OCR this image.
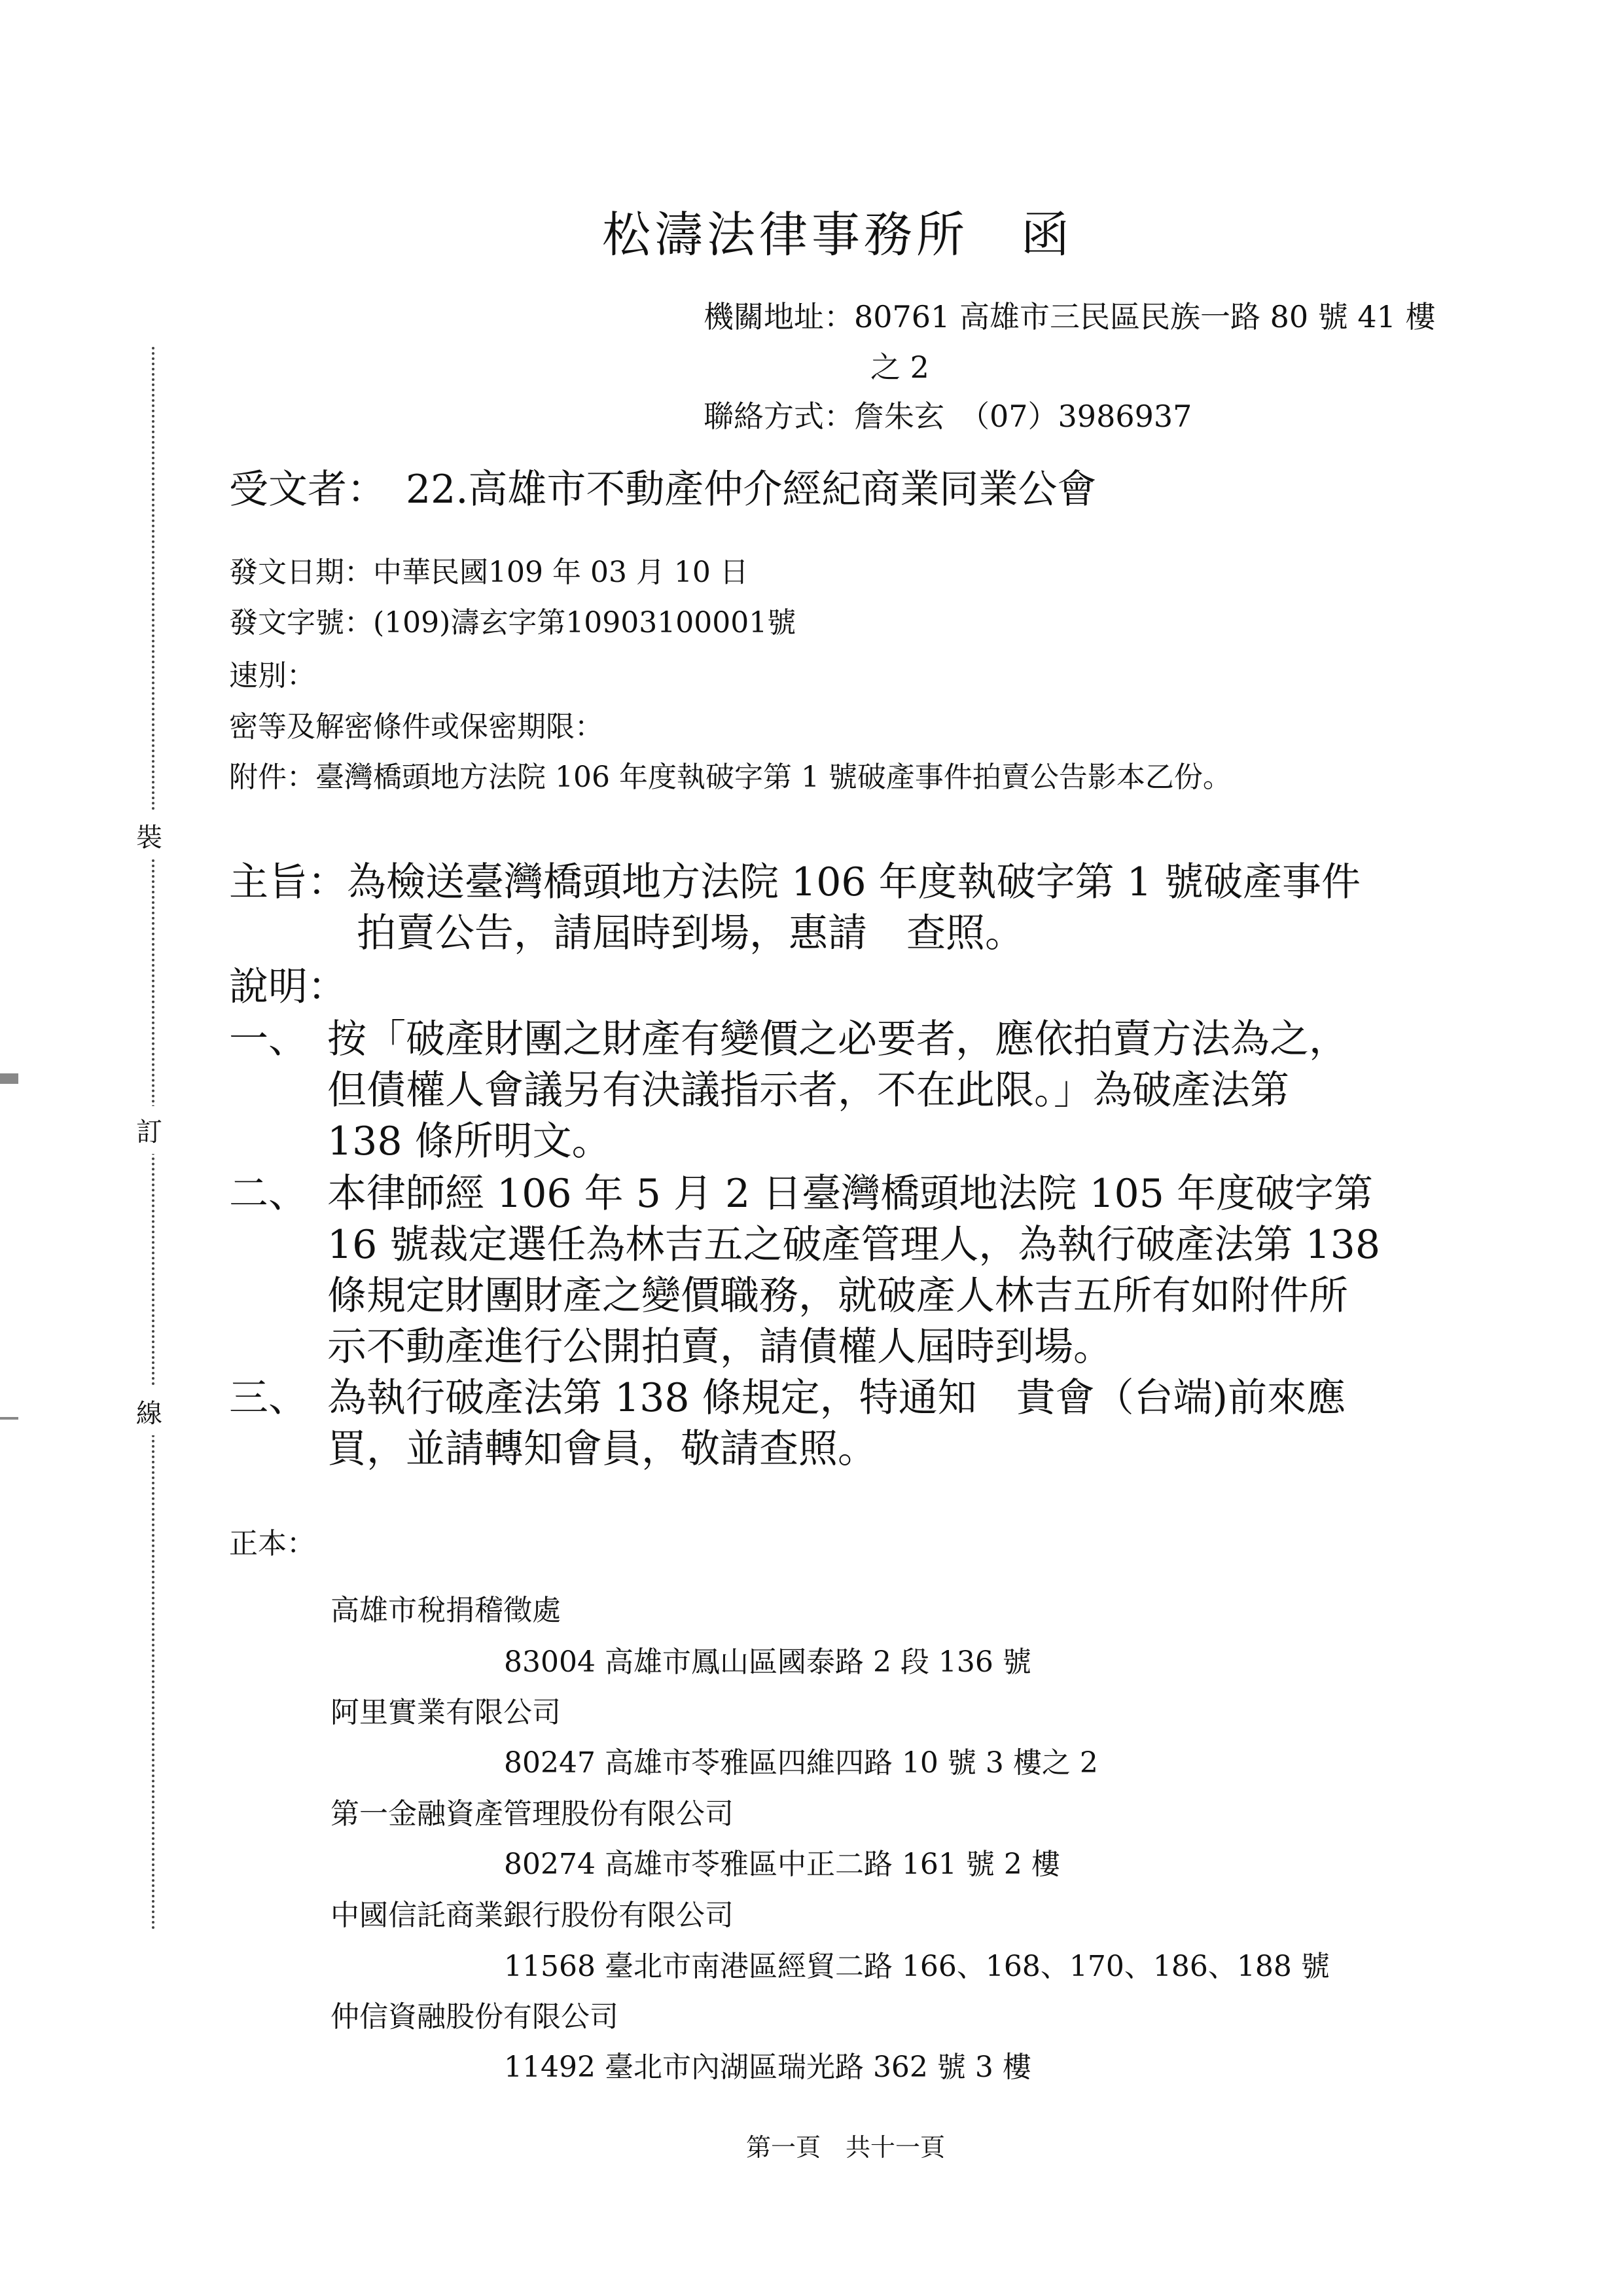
裝
訂
線
松濤法律事務所　函
機關地址：80761 高雄市三民區民族一路 80 號 41 樓
之 2
聯絡方式：詹朱玄　（07）3986937
受文者：　22.高雄市不動產仲介經紀商業同業公會
發文日期：中華民國109 年 03 月 10 日
發文字號：(109)濤玄字第10903100001號
速別：
密等及解密條件或保密期限：
附件：臺灣橋頭地方法院 106 年度執破字第 1 號破產事件拍賣公告影本乙份。
主旨：為檢送臺灣橋頭地方法院 106 年度執破字第 1 號破產事件
拍賣公告，請屆時到場，惠請　查照。
說明：
一、 按「破產財團之財產有變價之必要者，應依拍賣方法為之，
但債權人會議另有決議指示者，不在此限。」為破產法第
138 條所明文。
二、 本律師經 106 年 5 月 2 日臺灣橋頭地法院 105 年度破字第
16 號裁定選任為林吉五之破產管理人，為執行破產法第 138
條規定財團財產之變價職務，就破產人林吉五所有如附件所
示不動產進行公開拍賣，請債權人屆時到場。
三、 為執行破產法第 138 條規定，特通知　貴會（台端)前來應
買，並請轉知會員，敬請查照。
正本：
高雄市稅捐稽徵處
83004 高雄市鳳山區國泰路 2 段 136 號
阿里實業有限公司
80247 高雄市苓雅區四維四路 10 號 3 樓之 2
第一金融資產管理股份有限公司
80274 高雄市苓雅區中正二路 161 號 2 樓
中國信託商業銀行股份有限公司
11568 臺北市南港區經貿二路 166、168、170、186、188 號
仲信資融股份有限公司
11492 臺北市內湖區瑞光路 362 號 3 樓
第一頁　共十一頁
